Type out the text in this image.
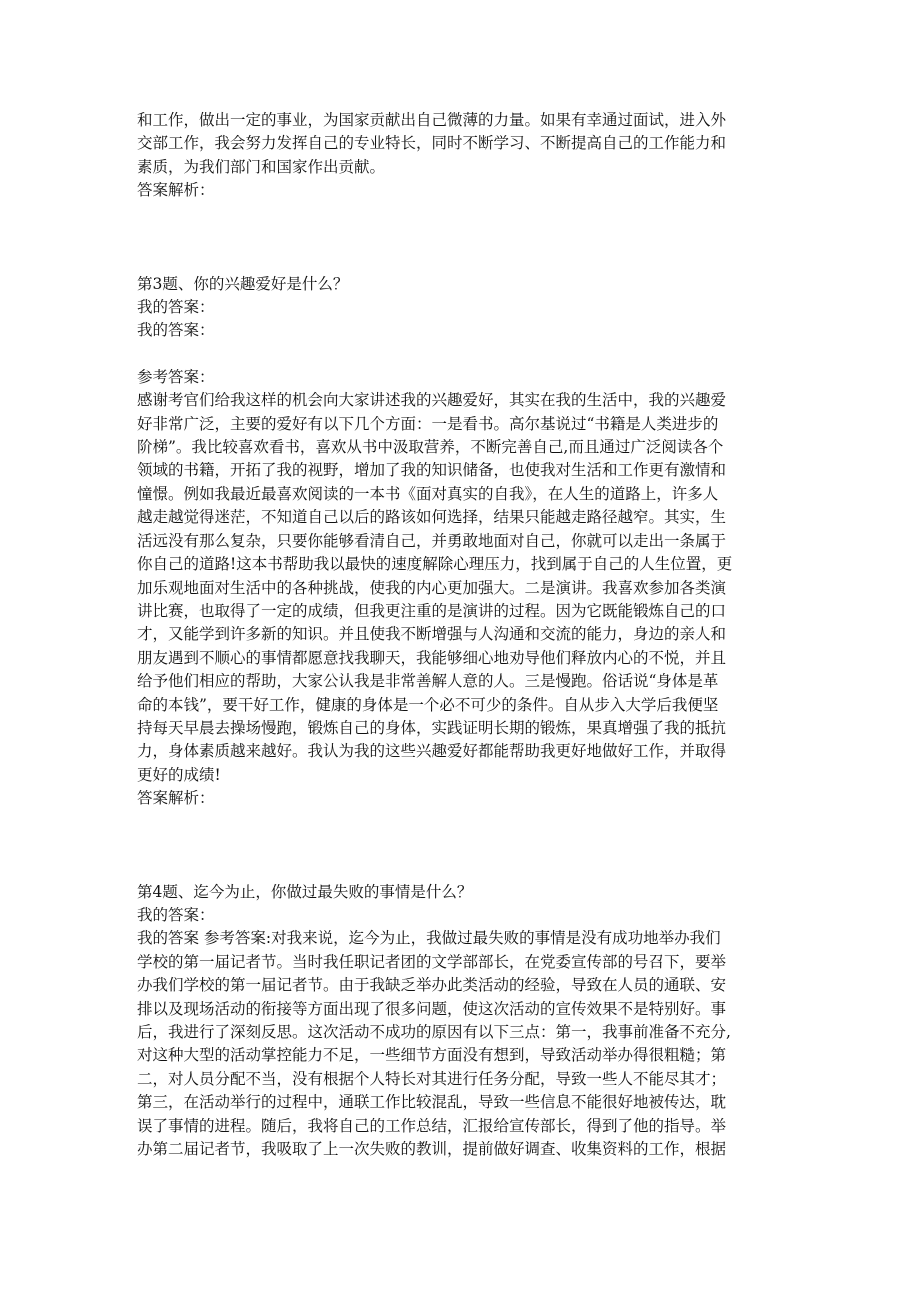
和工作，做出一定的事业，为国家贡献出自己微薄的力量。如果有幸通过面试，进入外
交部工作，我会努力发挥自己的专业特长，同时不断学习、不断提高自己的工作能力和
素质，为我们部门和国家作出贡献。
答案解析：
第3题、你的兴趣爱好是什么？
我的答案：
我的答案：
参考答案：
感谢考官们给我这样的机会向大家讲述我的兴趣爱好，其实在我的生活中，我的兴趣爱
好非常广泛，主要的爱好有以下几个方面：一是看书。高尔基说过“书籍是人类进步的
阶梯”。我比较喜欢看书，喜欢从书中汲取营养，不断完善自己,而且通过广泛阅读各个
领域的书籍，开拓了我的视野，增加了我的知识储备，也使我对生活和工作更有激情和
憧憬。例如我最近最喜欢阅读的一本书《面对真实的自我》，在人生的道路上，许多人
越走越觉得迷茫，不知道自己以后的路该如何选择，结果只能越走路径越窄。其实，生
活远没有那么复杂，只要你能够看清自己，并勇敢地面对自己，你就可以走出一条属于
你自己的道路!这本书帮助我以最快的速度解除心理压力，找到属于自己的人生位置，更
加乐观地面对生活中的各种挑战，使我的内心更加强大。二是演讲。我喜欢参加各类演
讲比赛，也取得了一定的成绩，但我更注重的是演讲的过程。因为它既能锻炼自己的口
才，又能学到许多新的知识。并且使我不断增强与人沟通和交流的能力，身边的亲人和
朋友遇到不顺心的事情都愿意找我聊天，我能够细心地劝导他们释放内心的不悦，并且
给予他们相应的帮助，大家公认我是非常善解人意的人。三是慢跑。俗话说“身体是革
命的本钱”，要干好工作，健康的身体是一个必不可少的条件。自从步入大学后我便坚
持每天早晨去操场慢跑，锻炼自己的身体，实践证明长期的锻炼，果真增强了我的抵抗
力，身体素质越来越好。我认为我的这些兴趣爱好都能帮助我更好地做好工作，并取得
更好的成绩!
答案解析：
第4题、迄今为止，你做过最失败的事情是什么？
我的答案：
我的答案 参考答案:对我来说，迄今为止，我做过最失败的事情是没有成功地举办我们
学校的第一届记者节。当时我任职记者团的文学部部长，在党委宣传部的号召下，要举
办我们学校的第一届记者节。由于我缺乏举办此类活动的经验，导致在人员的通联、安
排以及现场活动的衔接等方面出现了很多问题，使这次活动的宣传效果不是特别好。事
后，我进行了深刻反思。这次活动不成功的原因有以下三点：第一，我事前准备不充分,
对这种大型的活动掌控能力不足，一些细节方面没有想到，导致活动举办得很粗糙；第
二，对人员分配不当，没有根据个人特长对其进行任务分配，导致一些人不能尽其才；
第三，在活动举行的过程中，通联工作比较混乱，导致一些信息不能很好地被传达，耽
误了事情的进程。随后，我将自己的工作总结，汇报给宣传部长，得到了他的指导。举
办第二届记者节，我吸取了上一次失败的教训，提前做好调查、收集资料的工作，根据
